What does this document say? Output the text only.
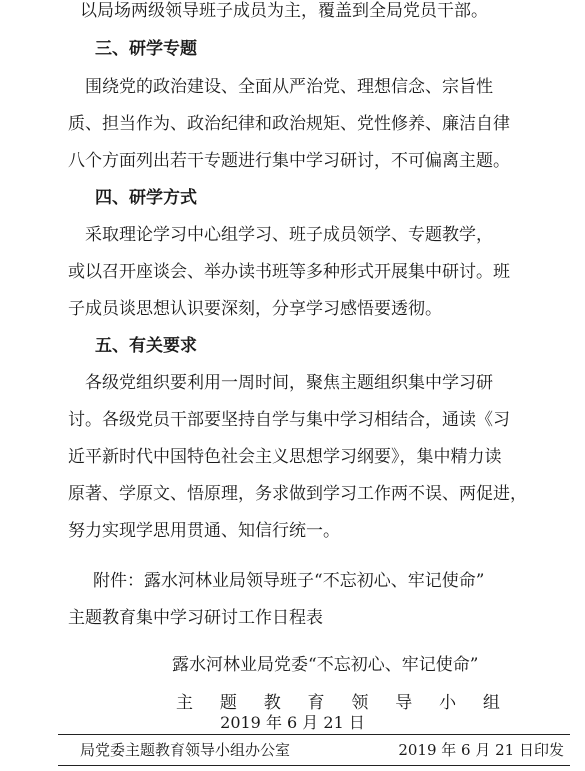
以局场两级领导班子成员为主，覆盖到全局党员干部。
三、研学专题
围绕党的政治建设、全面从严治党、理想信念、宗旨性
质、担当作为、政治纪律和政治规矩、党性修养、廉洁自律
八个方面列出若干专题进行集中学习研讨，不可偏离主题。
四、研学方式
采取理论学习中心组学习、班子成员领学、专题教学，
或以召开座谈会、举办读书班等多种形式开展集中研讨。班
子成员谈思想认识要深刻，分享学习感悟要透彻。
五、有关要求
各级党组织要利用一周时间，聚焦主题组织集中学习研
讨。各级党员干部要坚持自学与集中学习相结合，通读《习
近平新时代中国特色社会主义思想学习纲要》，集中精力读
原著、学原文、悟原理，务求做到学习工作两不误、两促进，
努力实现学思用贯通、知信行统一。
附件：露水河林业局领导班子“不忘初心、牢记使命”
主题教育集中学习研讨工作日程表
露水河林业局党委“不忘初心、牢记使命”
主 题 教 育 领 导 小 组
2019 年 6 月 21 日
局党委主题教育领导小组办公室	2019 年 6 月 21 日印发
